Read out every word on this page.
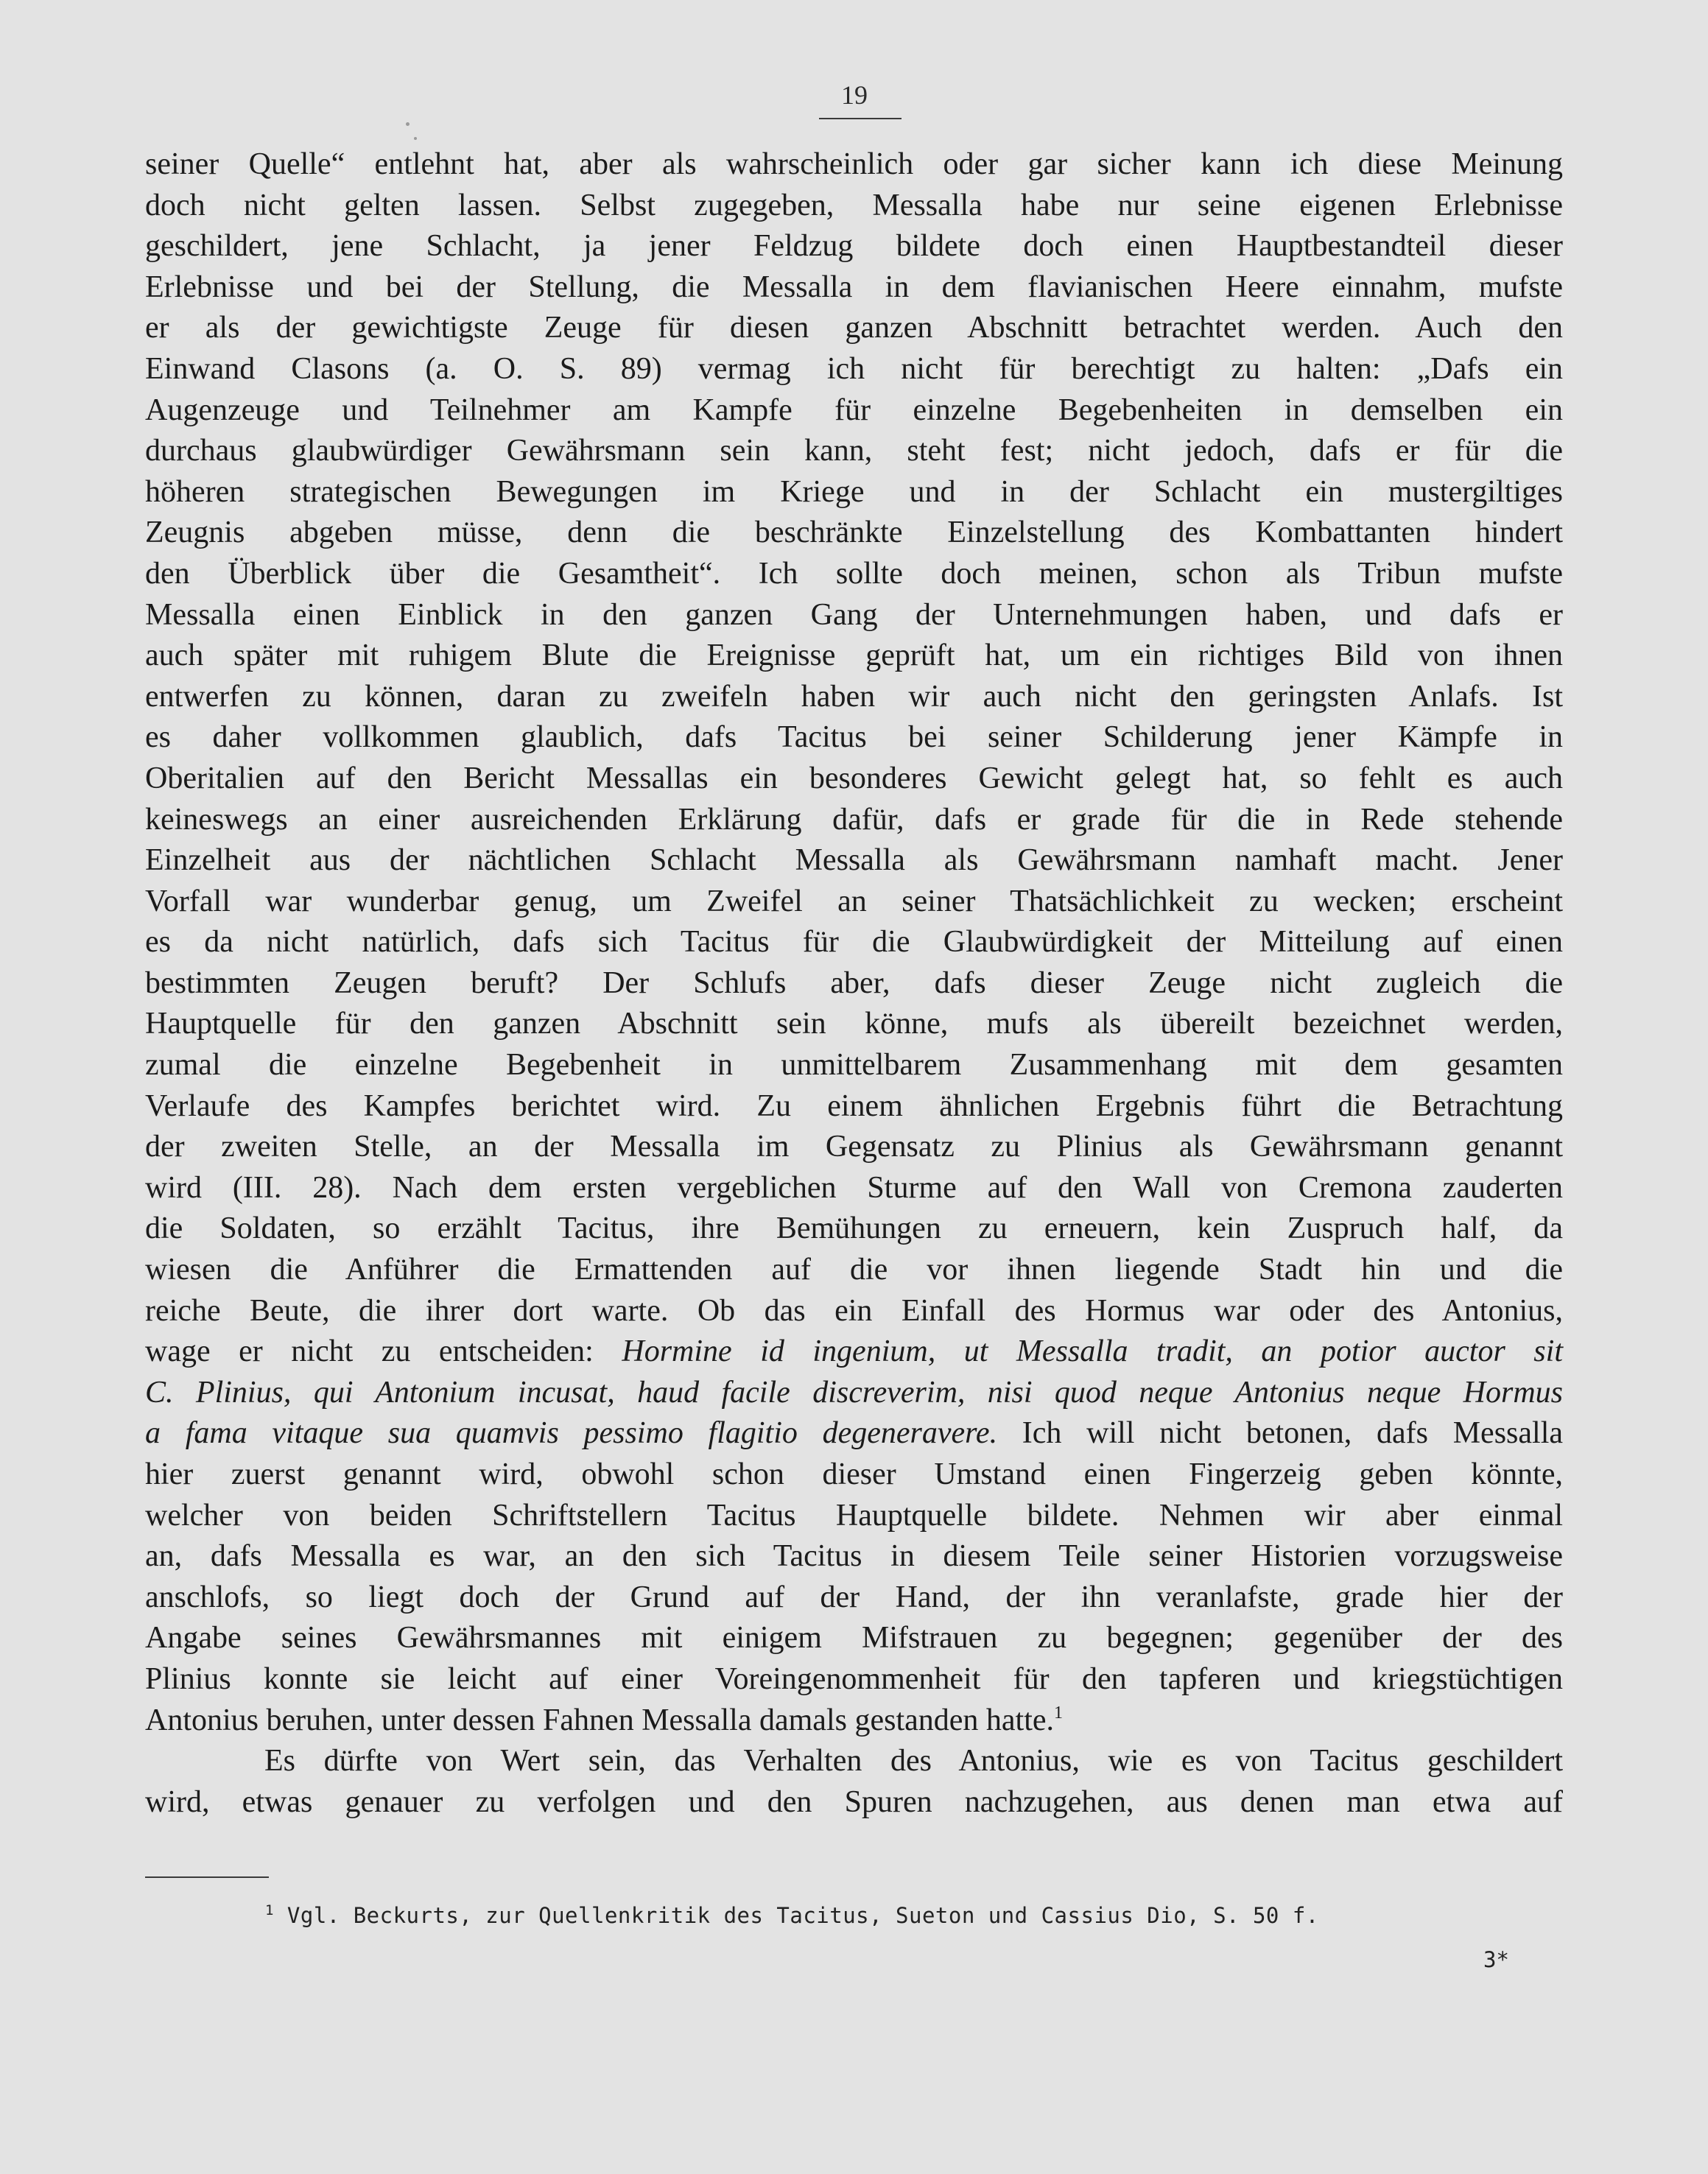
19
seiner Quelle“ entlehnt hat, aber als wahrscheinlich oder gar sicher kann ich diese Meinung
doch nicht gelten lassen. Selbst zugegeben, Messalla habe nur seine eigenen Erlebnisse
geschildert, jene Schlacht, ja jener Feldzug bildete doch einen Hauptbestandteil dieser
Erlebnisse und bei der Stellung, die Messalla in dem flavianischen Heere einnahm, mufste
er als der gewichtigste Zeuge für diesen ganzen Abschnitt betrachtet werden. Auch den
Einwand Clasons (a. O. S. 89) vermag ich nicht für berechtigt zu halten: „Dafs ein
Augenzeuge und Teilnehmer am Kampfe für einzelne Begebenheiten in demselben ein
durchaus glaubwürdiger Gewährsmann sein kann, steht fest; nicht jedoch, dafs er für die
höheren strategischen Bewegungen im Kriege und in der Schlacht ein mustergiltiges
Zeugnis abgeben müsse, denn die beschränkte Einzelstellung des Kombattanten hindert
den Überblick über die Gesamtheit“. Ich sollte doch meinen, schon als Tribun mufste
Messalla einen Einblick in den ganzen Gang der Unternehmungen haben, und dafs er
auch später mit ruhigem Blute die Ereignisse geprüft hat, um ein richtiges Bild von ihnen
entwerfen zu können, daran zu zweifeln haben wir auch nicht den geringsten Anlafs. Ist
es daher vollkommen glaublich, dafs Tacitus bei seiner Schilderung jener Kämpfe in
Oberitalien auf den Bericht Messallas ein besonderes Gewicht gelegt hat, so fehlt es auch
keineswegs an einer ausreichenden Erklärung dafür, dafs er grade für die in Rede stehende
Einzelheit aus der nächtlichen Schlacht Messalla als Gewährsmann namhaft macht. Jener
Vorfall war wunderbar genug, um Zweifel an seiner Thatsächlichkeit zu wecken; erscheint
es da nicht natürlich, dafs sich Tacitus für die Glaubwürdigkeit der Mitteilung auf einen
bestimmten Zeugen beruft? Der Schlufs aber, dafs dieser Zeuge nicht zugleich die
Hauptquelle für den ganzen Abschnitt sein könne, mufs als übereilt bezeichnet werden,
zumal die einzelne Begebenheit in unmittelbarem Zusammenhang mit dem gesamten
Verlaufe des Kampfes berichtet wird. Zu einem ähnlichen Ergebnis führt die Betrachtung
der zweiten Stelle, an der Messalla im Gegensatz zu Plinius als Gewährsmann genannt
wird (III. 28). Nach dem ersten vergeblichen Sturme auf den Wall von Cremona zauderten
die Soldaten, so erzählt Tacitus, ihre Bemühungen zu erneuern, kein Zuspruch half, da
wiesen die Anführer die Ermattenden auf die vor ihnen liegende Stadt hin und die
reiche Beute, die ihrer dort warte. Ob das ein Einfall des Hormus war oder des Antonius,
wage er nicht zu entscheiden: Hormine id ingenium, ut Messalla tradit, an potior auctor sit
C. Plinius, qui Antonium incusat, haud facile discreverim, nisi quod neque Antonius neque Hormus
a fama vitaque sua quamvis pessimo flagitio degeneravere. Ich will nicht betonen, dafs Messalla
hier zuerst genannt wird, obwohl schon dieser Umstand einen Fingerzeig geben könnte,
welcher von beiden Schriftstellern Tacitus Hauptquelle bildete. Nehmen wir aber einmal
an, dafs Messalla es war, an den sich Tacitus in diesem Teile seiner Historien vorzugsweise
anschlofs, so liegt doch der Grund auf der Hand, der ihn veranlafste, grade hier der
Angabe seines Gewährsmannes mit einigem Mifstrauen zu begegnen; gegenüber der des
Plinius konnte sie leicht auf einer Voreingenommenheit für den tapferen und kriegstüchtigen
Antonius beruhen, unter dessen Fahnen Messalla damals gestanden hatte.$^1$
Es dürfte von Wert sein, das Verhalten des Antonius, wie es von Tacitus geschildert
wird, etwas genauer zu verfolgen und den Spuren nachzugehen, aus denen man etwa auf
$^1$ Vgl. Beckurts, zur Quellenkritik des Tacitus, Sueton und Cassius Dio, S. 50 f.
3*
